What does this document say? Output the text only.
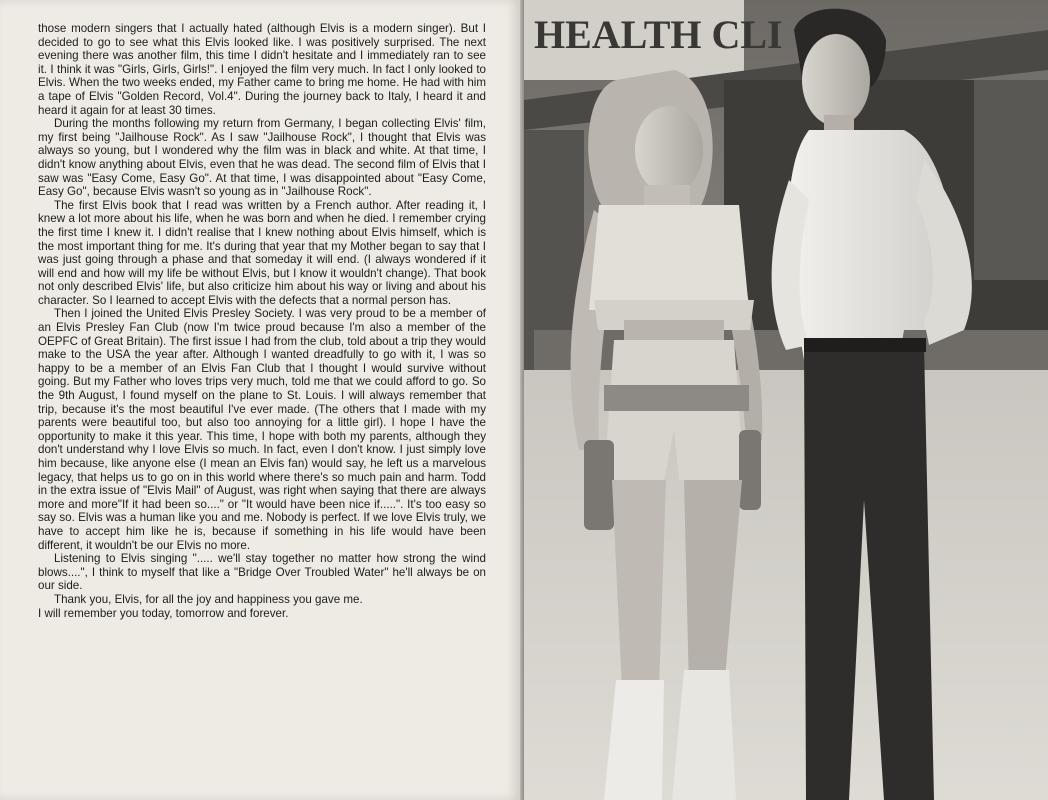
those modern singers that I actually hated (although Elvis is a modern singer). But I decided to go to see what this Elvis looked like. I was positively surprised. The next evening there was another film, this time I didn't hesitate and I immediately ran to see it. I think it was "Girls, Girls, Girls!". I enjoyed the film very much. In fact I only looked to Elvis. When the two weeks ended, my Father came to bring me home. He had with him a tape of Elvis "Golden Record, Vol.4". During the journey back to Italy, I heard it and heard it again for at least 30 times.

During the months following my return from Germany, I began collecting Elvis' film, my first being "Jailhouse Rock". As I saw "Jailhouse Rock", I thought that Elvis was always so young, but I wondered why the film was in black and white. At that time, I didn't know anything about Elvis, even that he was dead. The second film of Elvis that I saw was "Easy Come, Easy Go". At that time, I was disappointed about "Easy Come, Easy Go", because Elvis wasn't so young as in "Jailhouse Rock".

The first Elvis book that I read was written by a French author. After reading it, I knew a lot more about his life, when he was born and when he died. I remember crying the first time I knew it. I didn't realise that I knew nothing about Elvis himself, which is the most important thing for me. It's during that year that my Mother began to say that I was just going through a phase and that someday it will end. (I always wondered if it will end and how will my life be without Elvis, but I know it wouldn't change). That book not only described Elvis' life, but also criticize him about his way or living and about his character. So I learned to accept Elvis with the defects that a normal person has.

Then I joined the United Elvis Presley Society. I was very proud to be a member of an Elvis Presley Fan Club (now I'm twice proud because I'm also a member of the OEPFC of Great Britain). The first issue I had from the club, told about a trip they would make to the USA the year after. Although I wanted dreadfully to go with it, I was so happy to be a member of an Elvis Fan Club that I thought I would survive without going. But my Father who loves trips very much, told me that we could afford to go. So the 9th August, I found myself on the plane to St. Louis. I will always remember that trip, because it's the most beautiful I've ever made. (The others that I made with my parents were beautiful too, but also too annoying for a little girl). I hope I have the opportunity to make it this year. This time, I hope with both my parents, although they don't understand why I love Elvis so much. In fact, even I don't know. I just simply love him because, like anyone else (I mean an Elvis fan) would say, he left us a marvelous legacy, that helps us to go on in this world where there's so much pain and harm. Todd in the extra issue of "Elvis Mail" of August, was right when saying that there are always more and more"If it had been so...." or "It would have been nice if.....". It's too easy so say so. Elvis was a human like you and me. Nobody is perfect. If we love Elvis truly, we have to accept him like he is, because if something in his life would have been different, it wouldn't be our Elvis no more.

Listening to Elvis singing "..... we'll stay together no matter how strong the wind blows....", I think to myself that like a "Bridge Over Troubled Water" he'll always be on our side.

Thank you, Elvis, for all the joy and happiness you gave me.

I will remember you today, tomorrow and forever.

HEALTH CLI
